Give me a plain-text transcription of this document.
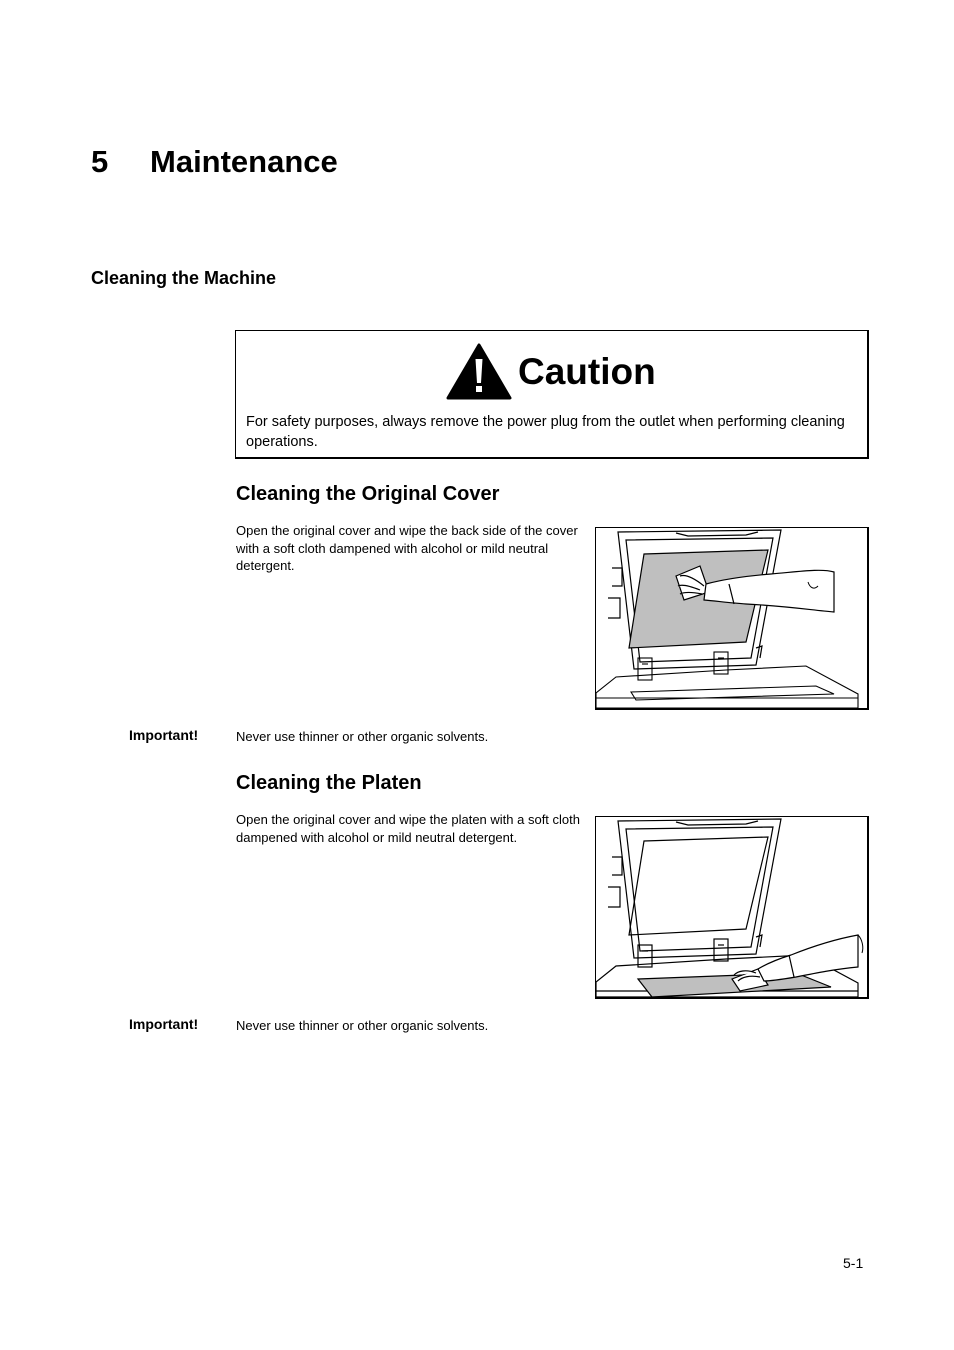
5 Maintenance
Cleaning the Machine
Caution
For safety purposes, always remove the power plug from the outlet when performing cleaning operations.
Cleaning the Original Cover
Open the original cover and wipe the back side of the cover with a soft cloth dampened with alcohol or mild neutral detergent.
Important!	Never use thinner or other organic solvents.
Cleaning the Platen
Open the original cover and wipe the platen with a soft cloth dampened with alcohol or mild neutral detergent.
Important!	Never use thinner or other organic solvents.
5-1
